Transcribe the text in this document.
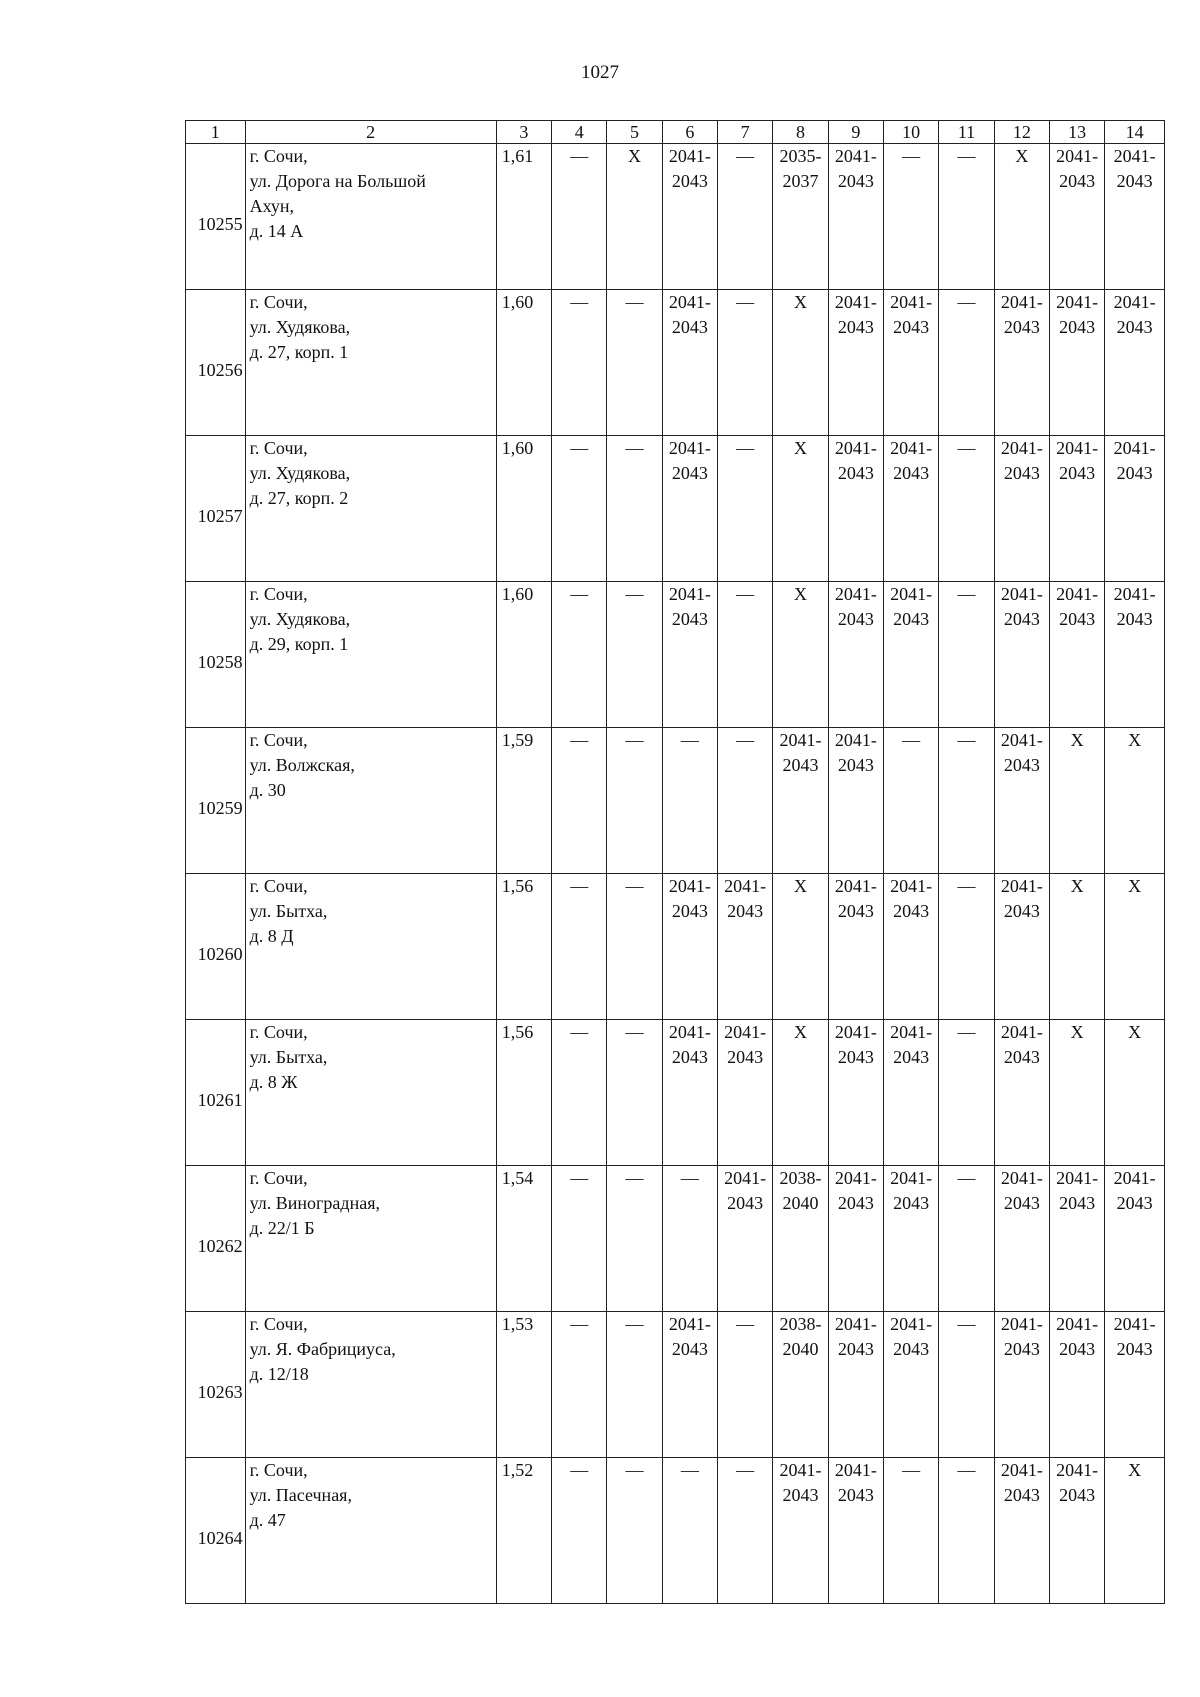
1027
1	2	3	4	5	6	7	8	9	10	11	12	13	14
10255	г. Сочи,
ул. Дорога на Большой
Ахун,
д. 14 А	1,61	—	Х	2041-2043	—	2035-2037	2041-2043	—	—	Х	2041-2043	2041-2043

10256	г. Сочи,
ул. Худякова,
д. 27, корп. 1	1,60	—	—	2041-2043	—	Х	2041-2043	2041-2043	—	2041-2043	2041-2043	2041-2043

10257	г. Сочи,
ул. Худякова,
д. 27, корп. 2	1,60	—	—	2041-2043	—	Х	2041-2043	2041-2043	—	2041-2043	2041-2043	2041-2043

10258	г. Сочи,
ул. Худякова,
д. 29, корп. 1	1,60	—	—	2041-2043	—	Х	2041-2043	2041-2043	—	2041-2043	2041-2043	2041-2043

10259	г. Сочи,
ул. Волжская,
д. 30	1,59	—	—	—	—	2041-2043	2041-2043	—	—	2041-2043	Х	Х
10260	г. Сочи,
ул. Бытха,
д. 8 Д	1,56	—	—	2041-2043	2041-2043	Х	2041-2043	2041-2043	—	2041-2043	Х	Х
10261	г. Сочи,
ул. Бытха,
д. 8 Ж	1,56	—	—	2041-2043	2041-2043	Х	2041-2043	2041-2043	—	2041-2043	Х	Х
10262	г. Сочи,
ул. Виноградная,
д. 22/1 Б	1,54	—	—	—	2041-2043	2038-2040	2041-2043	2041-2043	—	2041-2043	2041-2043	2041-2043

10263	г. Сочи,
ул. Я. Фабрициуса,
д. 12/18	1,53	—	—	2041-2043	—	2038-2040	2041-2043	2041-2043	—	2041-2043	2041-2043	2041-2043

10264	г. Сочи,
ул. Пасечная,
д. 47	1,52	—	—	—	—	2041-2043	2041-2043	—	—	2041-2043	2041-2043	Х
